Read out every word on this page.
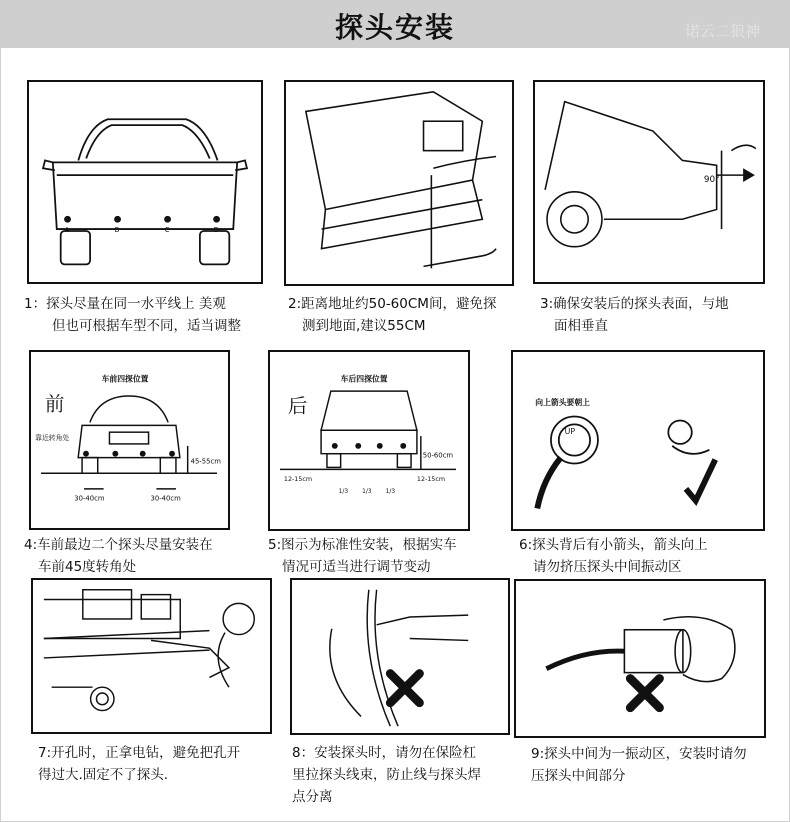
探头安装	诺云二狼神
A	B	C	D
1：探头尽量在同一水平线上 美观
但也可根据车型不同，适当调整
2:距离地址约50-60CM间，避免探
测到地面,建议55CM
90°
3:确保安装后的探头表面，与地
面相垂直
前
车前四探位置
靠近转角处
45-55cm
30-40cm	30-40cm
4:车前最边二个探头尽量安装在
车前45度转角处
后
车后四探位置
50-60cm
12-15cm
1/3 1/3 1/3
12-15cm
5:图示为标准性安装，根据实车
情况可适当进行调节变动
向上箭头要朝上
UP
6:探头背后有小箭头，箭头向上
请勿挤压探头中间振动区
7:开孔时，正拿电钻，避免把孔开
得过大.固定不了探头.
8：安装探头时，请勿在保险杠
里拉探头线束，防止线与探头焊
点分离
9:探头中间为一振动区，安装时请勿
压探头中间部分
